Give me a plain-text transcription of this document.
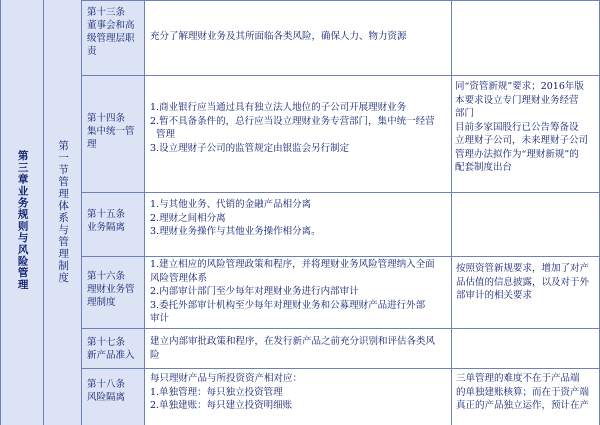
第三章业务规则与风险管理	第一节管理体系与管理制度
第十三条
董事会和高
级管理层职
责
充分了解理财业务及其所面临各类风险，确保人力、物力资源
第十四条
集中统一管
理
1.商业银行应当通过具有独立法人地位的子公司开展理财业务
2.暂不具备条件的，总行应当设立理财业务专营部门，集中统一经营
管理
3.设立理财子公司的监管规定由银监会另行制定
同“资管新规”要求；2016年版
本要求设立专门理财业务经营
部门
目前多家国股行已公告筹备设
立理财子公司，未来理财子公司
管理办法拟作为“理财新规”的
配套制度出台
第十五条
业务隔离
1.与其他业务、代销的金融产品相分离
2.理财之间相分离
3.理财业务操作与其他业务操作相分离。
第十六条
理财业务管
理制度
1.建立相应的风险管理政策和程序，并将理财业务风险管理纳入全面
风险管理体系
2.内部审计部门至少每年对理财业务进行内部审计
3.委托外部审计机构至少每年对理财业务和公募理财产品进行外部
审计
按照资管新规要求，增加了对产
品估值的信息披露，以及对于外
部审计的相关要求
第十七条
新产品准入
建立内部审批政策和程序，在发行新产品之前充分识别和评估各类风
险
第十八条
风险隔离
每只理财产品与所投资资产相对应：
1.单独管理：每只独立投资管理
2.单独建账：每只建立投资明细账
三单管理的难度不在于产品端
的单独建账核算；而在于资产端
真正的产品独立运作，预计在产
